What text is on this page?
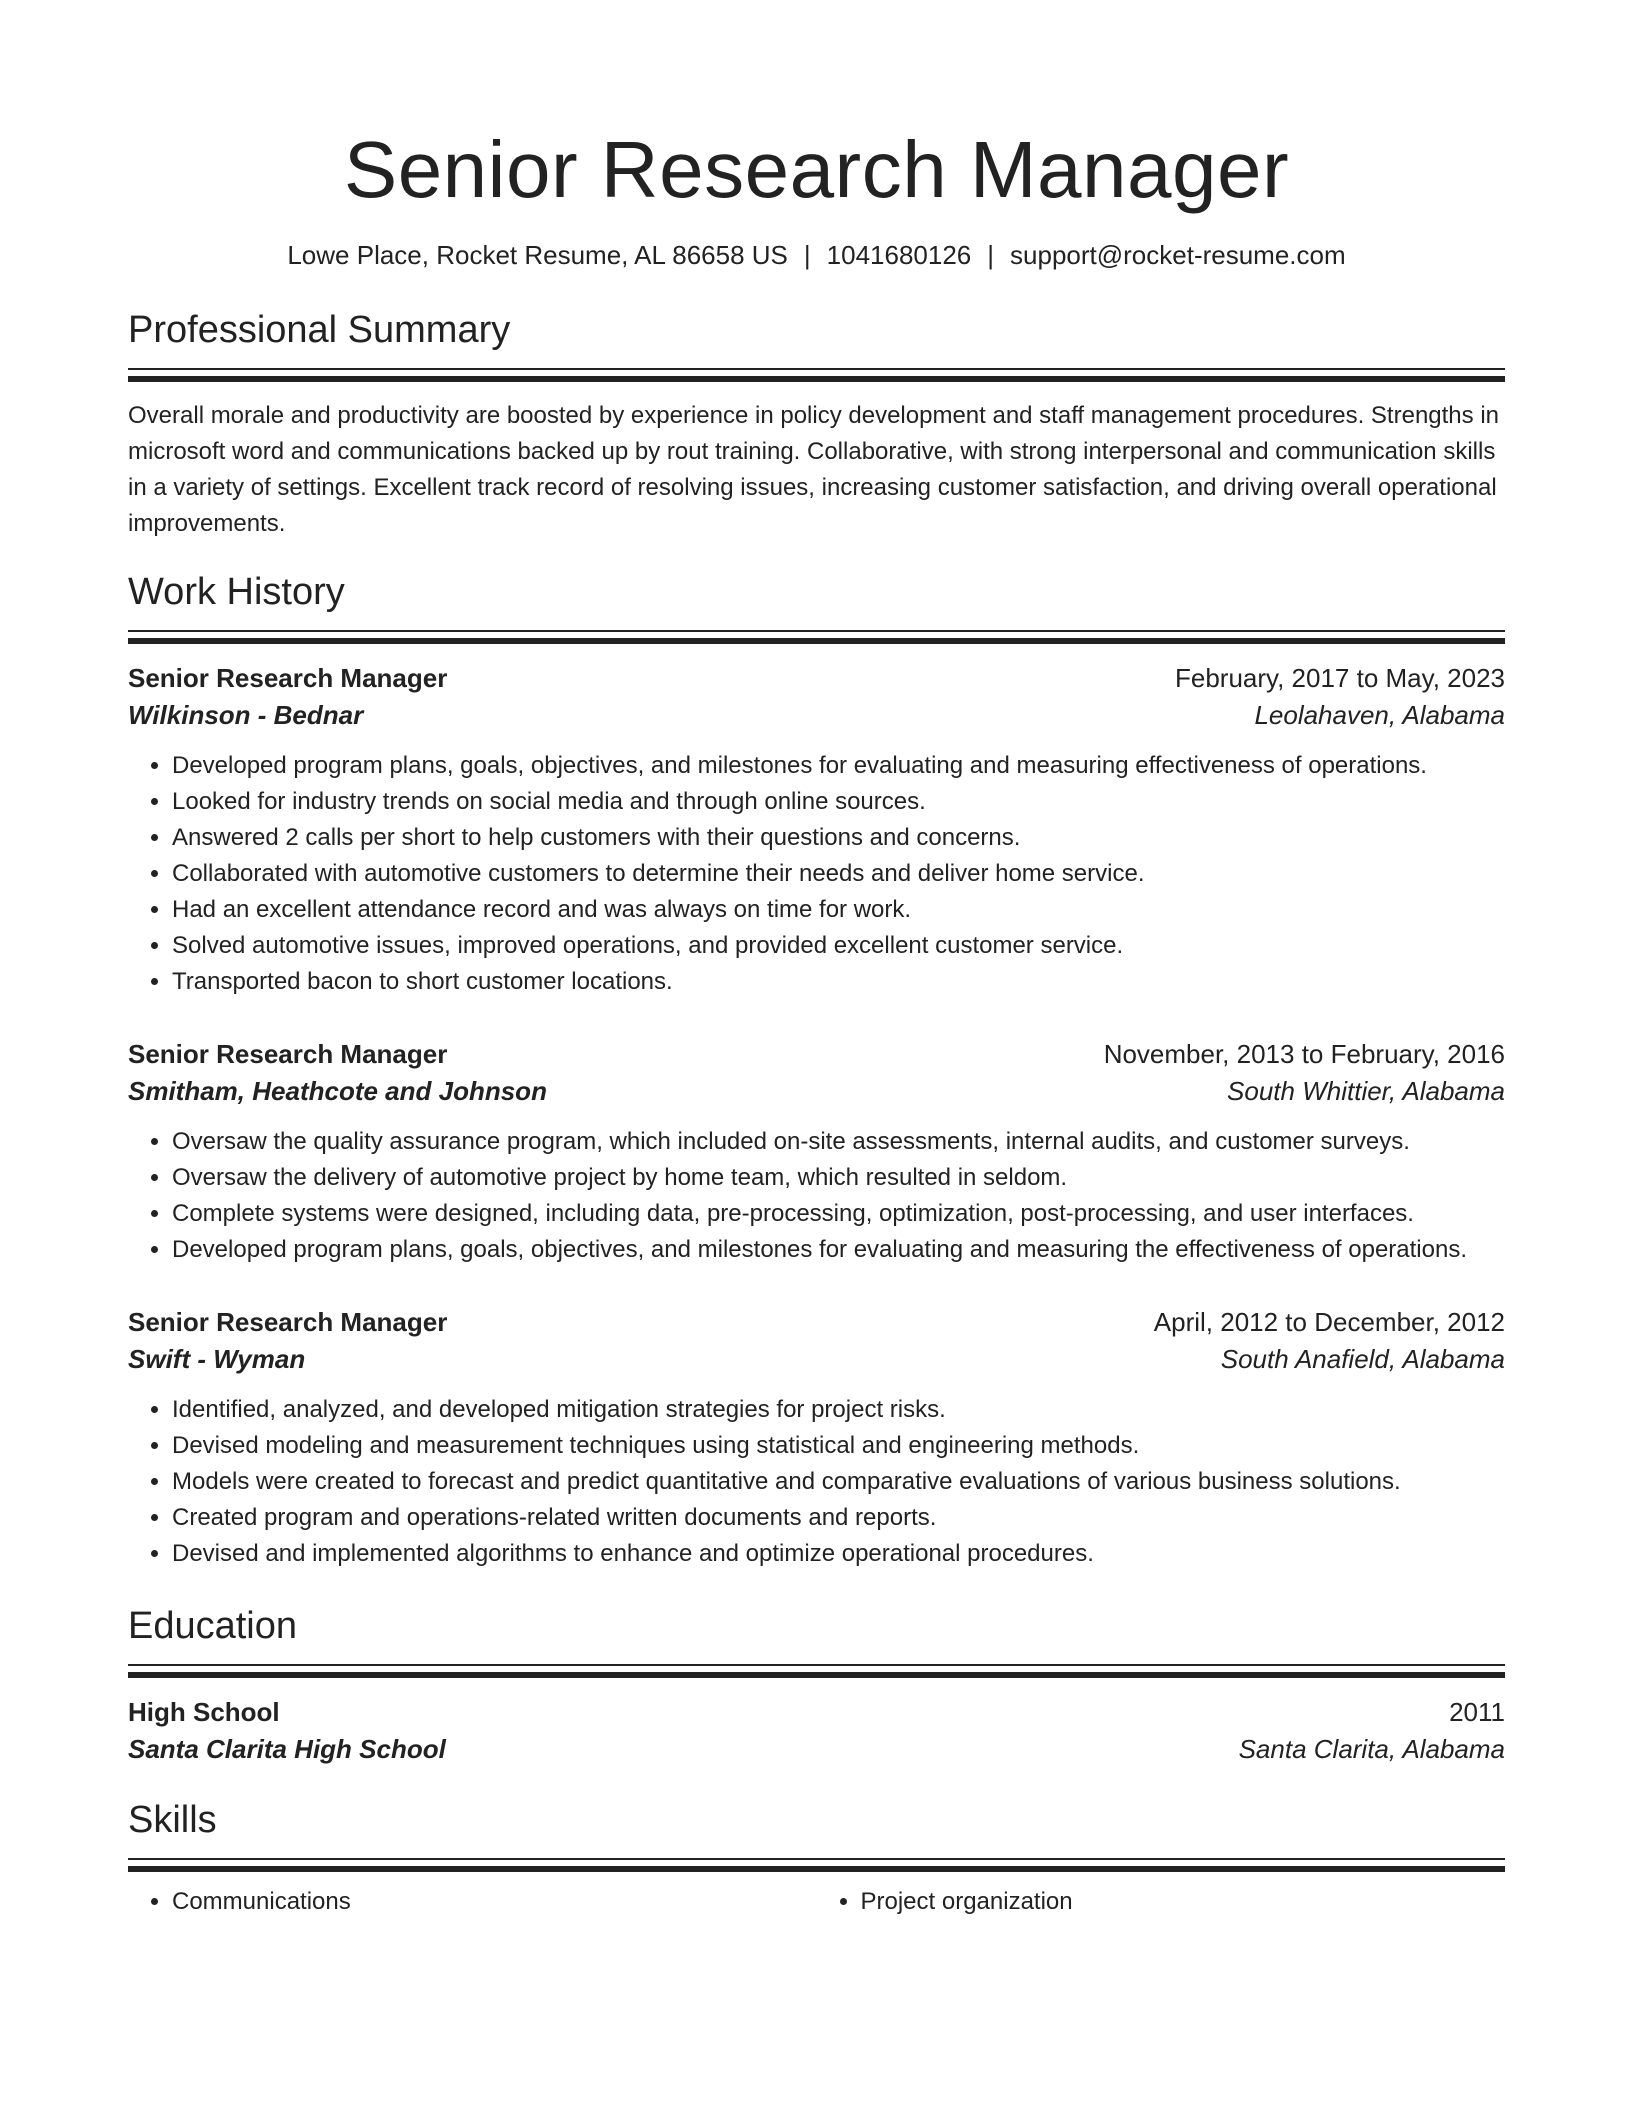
Senior Research Manager
Lowe Place, Rocket Resume, AL 86658 US | 1041680126 | support@rocket-resume.com
Professional Summary

Overall morale and productivity are boosted by experience in policy development and staff management procedures. Strengths in microsoft word and communications backed up by rout training. Collaborative, with strong interpersonal and communication skills in a variety of settings. Excellent track record of resolving issues, increasing customer satisfaction, and driving overall operational improvements.

Work History
Senior Research Manager	February, 2017 to May, 2023
Wilkinson - Bednar	Leolahaven, Alabama
• Developed program plans, goals, objectives, and milestones for evaluating and measuring effectiveness of operations.
• Looked for industry trends on social media and through online sources.
• Answered 2 calls per short to help customers with their questions and concerns.
• Collaborated with automotive customers to determine their needs and deliver home service.
• Had an excellent attendance record and was always on time for work.
• Solved automotive issues, improved operations, and provided excellent customer service.
• Transported bacon to short customer locations.
Senior Research Manager	November, 2013 to February, 2016
Smitham, Heathcote and Johnson	South Whittier, Alabama
• Oversaw the quality assurance program, which included on-site assessments, internal audits, and customer surveys.
• Oversaw the delivery of automotive project by home team, which resulted in seldom.
• Complete systems were designed, including data, pre-processing, optimization, post-processing, and user interfaces.
• Developed program plans, goals, objectives, and milestones for evaluating and measuring the effectiveness of operations.
Senior Research Manager	April, 2012 to December, 2012
Swift - Wyman	South Anafield, Alabama
• Identified, analyzed, and developed mitigation strategies for project risks.
• Devised modeling and measurement techniques using statistical and engineering methods.
• Models were created to forecast and predict quantitative and comparative evaluations of various business solutions.
• Created program and operations-related written documents and reports.
• Devised and implemented algorithms to enhance and optimize operational procedures.
Education
High School	2011
Santa Clarita High School	Santa Clarita, Alabama
Skills
• Communications
•	Project organization
